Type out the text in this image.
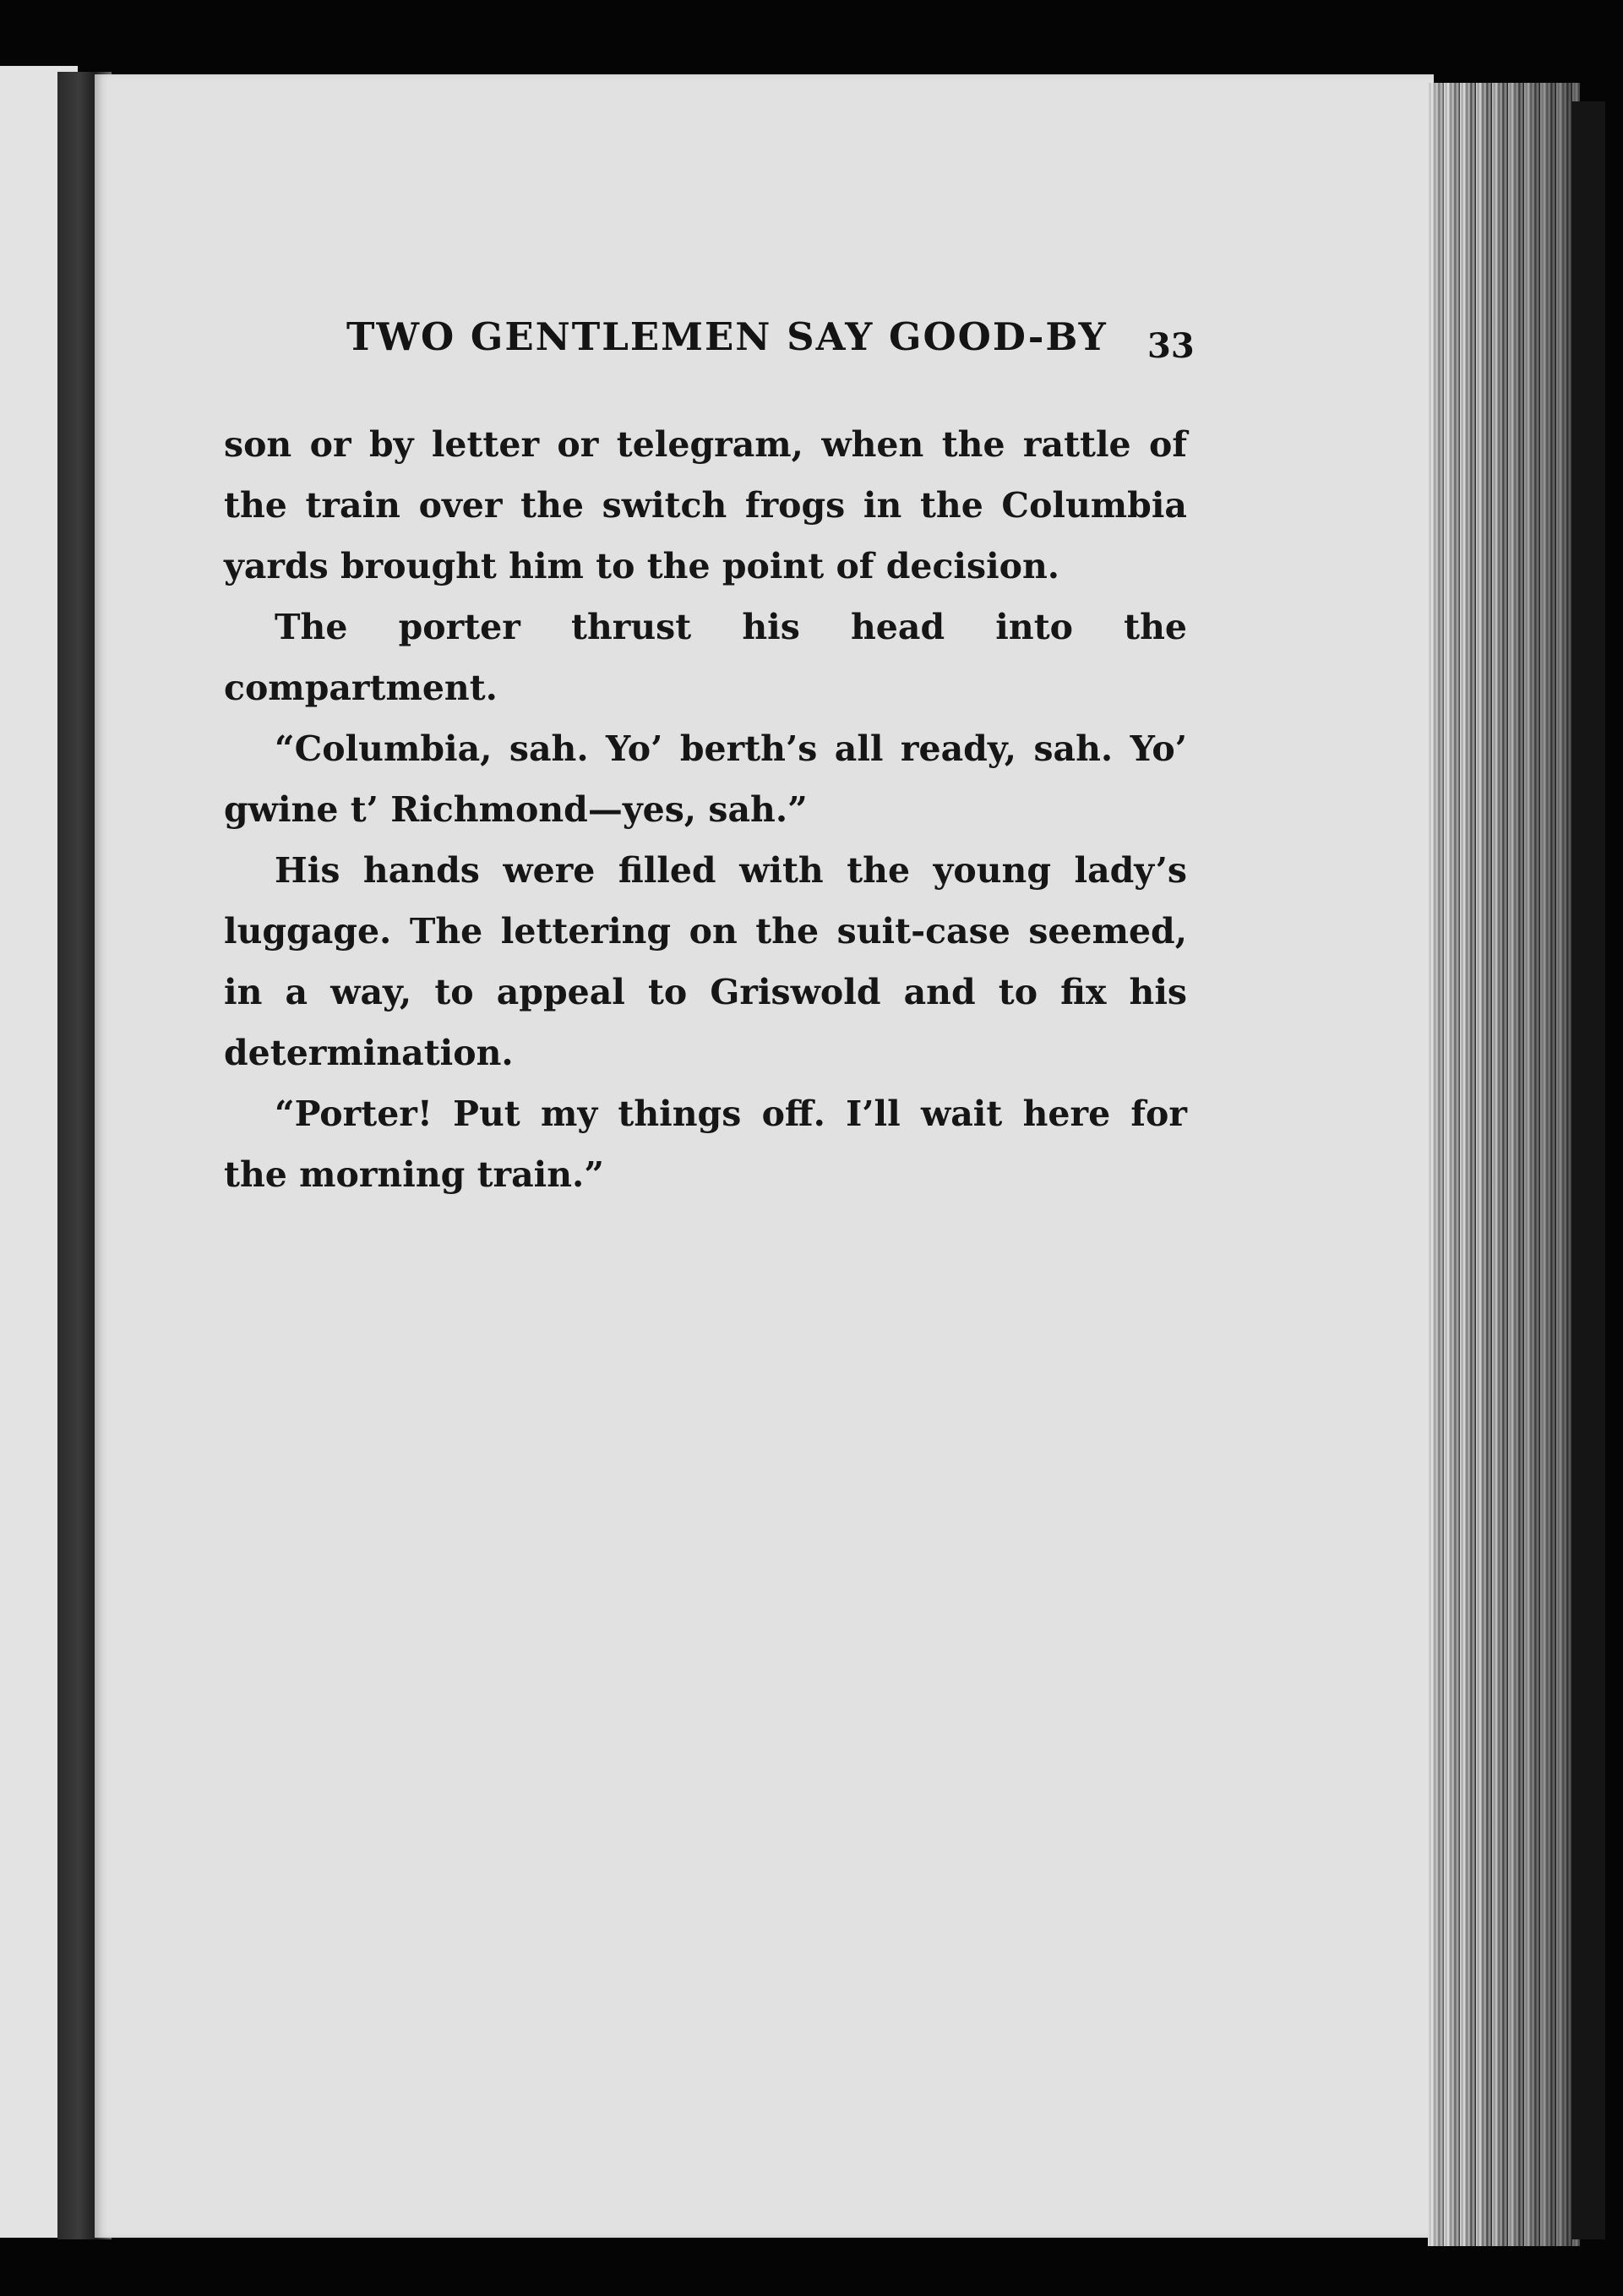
TWO GENTLEMEN SAY GOOD-BY	33

son or by letter or telegram, when the rattle of the train over the switch frogs in the Columbia yards brought him to the point of decision.

The porter thrust his head into the compartment.

“Columbia, sah. Yo’ berth’s all ready, sah. Yo’ gwine t’ Richmond—yes, sah.”

His hands were filled with the young lady’s luggage. The lettering on the suit-case seemed, in a way, to appeal to Griswold and to fix his determination.

“Porter! Put my things off. I’ll wait here for the morning train.”
